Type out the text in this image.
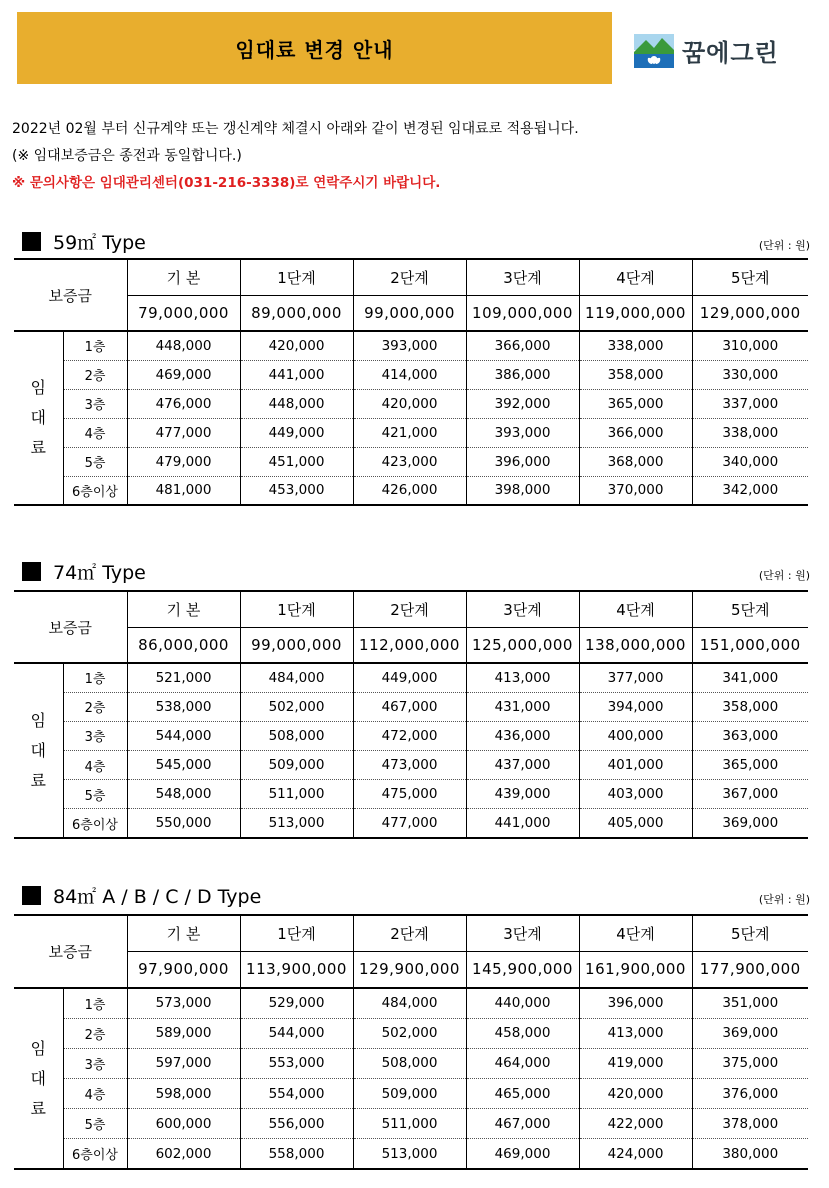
임대료 변경 안내	꿈에그린
2022년 02월 부터 신규계약 또는 갱신계약 체결시 아래와 같이 변경된 임대료로 적용됩니다.
(※ 임대보증금은 종전과 동일합니다.)
※ 문의사항은 임대관리센터(031-216-3338)로 연락주시기 바랍니다.
59㎡ Type	(단위 : 원)
보증금		기 본	1단계	2단계	3단계	4단계	5단계
		79,000,000	89,000,000	99,000,000	109,000,000	119,000,000	129,000,000
임 대 료	1층	448,000	420,000	393,000	366,000	338,000	310,000
	2층	469,000	441,000	414,000	386,000	358,000	330,000
	3층	476,000	448,000	420,000	392,000	365,000	337,000
	4층	477,000	449,000	421,000	393,000	366,000	338,000
	5층	479,000	451,000	423,000	396,000	368,000	340,000
	6층이상	481,000	453,000	426,000	398,000	370,000	342,000
74㎡ Type	(단위 : 원)
보증금		기 본	1단계	2단계	3단계	4단계	5단계
		86,000,000	99,000,000	112,000,000	125,000,000	138,000,000	151,000,000
임 대 료	1층	521,000	484,000	449,000	413,000	377,000	341,000
	2층	538,000	502,000	467,000	431,000	394,000	358,000
	3층	544,000	508,000	472,000	436,000	400,000	363,000
	4층	545,000	509,000	473,000	437,000	401,000	365,000
	5층	548,000	511,000	475,000	439,000	403,000	367,000
	6층이상	550,000	513,000	477,000	441,000	405,000	369,000
84㎡ A / B / C / D Type	(단위 : 원)
보증금		기 본	1단계	2단계	3단계	4단계	5단계
		97,900,000	113,900,000	129,900,000	145,900,000	161,900,000	177,900,000
임 대 료	1층	573,000	529,000	484,000	440,000	396,000	351,000
	2층	589,000	544,000	502,000	458,000	413,000	369,000
	3층	597,000	553,000	508,000	464,000	419,000	375,000
	4층	598,000	554,000	509,000	465,000	420,000	376,000
	5층	600,000	556,000	511,000	467,000	422,000	378,000
	6층이상	602,000	558,000	513,000	469,000	424,000	380,000
